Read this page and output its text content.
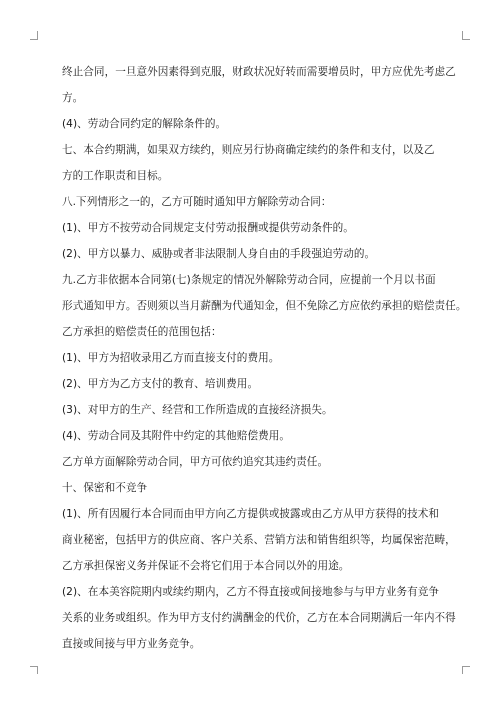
终止合同，一旦意外因素得到克服，财政状况好转而需要增员时，甲方应优先考虑乙

方。

(4)、劳动合同约定的解除条件的。

七、本合约期满，如果双方续约，则应另行协商确定续约的条件和支付，以及乙

方的工作职责和目标。

八.下列情形之一的，乙方可随时通知甲方解除劳动合同：

(1)、甲方不按劳动合同规定支付劳动报酬或提供劳动条件的。

(2)、甲方以暴力、威胁或者非法限制人身自由的手段强迫劳动的。

九.乙方非依据本合同第(七)条规定的情况外解除劳动合同，应提前一个月以书面

形式通知甲方。否则须以当月薪酬为代通知金，但不免除乙方应依约承担的赔偿责任。

乙方承担的赔偿责任的范围包括：

(1)、甲方为招收录用乙方而直接支付的费用。

(2)、甲方为乙方支付的教育、培训费用。

(3)、对甲方的生产、经营和工作所造成的直接经济损失。

(4)、劳动合同及其附件中约定的其他赔偿费用。

乙方单方面解除劳动合同，甲方可依约追究其违约责任。

十、保密和不竞争

(1)、所有因履行本合同而由甲方向乙方提供或披露或由乙方从甲方获得的技术和

商业秘密，包括甲方的供应商、客户关系、营销方法和销售组织等，均属保密范畴，

乙方承担保密义务并保证不会将它们用于本合同以外的用途。

(2)、在本美容院期内或续约期内，乙方不得直接或间接地参与与甲方业务有竞争

关系的业务或组织。作为甲方支付约满酬金的代价，乙方在本合同期满后一年内不得

直接或间接与甲方业务竞争。
